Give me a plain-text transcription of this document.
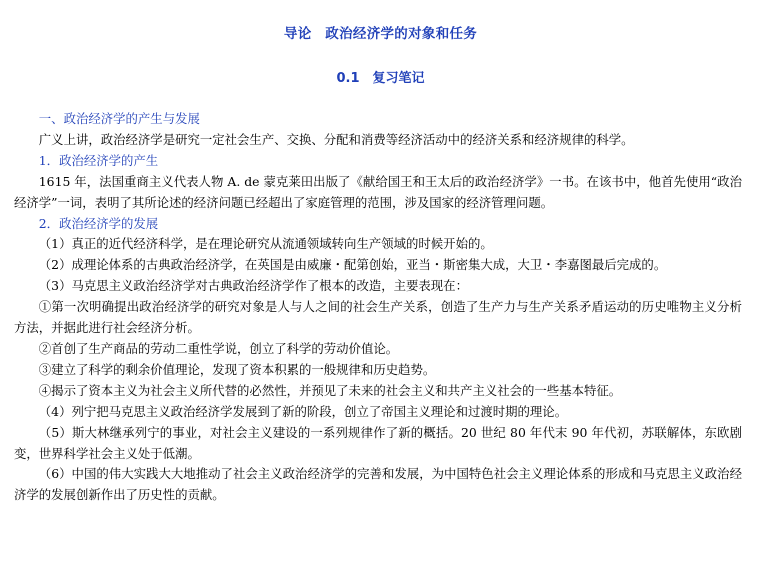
导论　政治经济学的对象和任务
0.1　复习笔记

一、政治经济学的产生与发展

广义上讲，政治经济学是研究一定社会生产、交换、分配和消费等经济活动中的经济关系和经济规律的科学。

1．政治经济学的产生

1615 年，法国重商主义代表人物 A. de 蒙克莱田出版了《献给国王和王太后的政治经济学》一书。在该书中，他首先使用“政治经济学”一词，表明了其所论述的经济问题已经超出了家庭管理的范围，涉及国家的经济管理问题。

2．政治经济学的发展

（1）真正的近代经济科学，是在理论研究从流通领域转向生产领域的时候开始的。

（2）成理论体系的古典政治经济学，在英国是由威廉・配第创始，亚当・斯密集大成，大卫・李嘉图最后完成的。

（3）马克思主义政治经济学对古典政治经济学作了根本的改造，主要表现在：

①第一次明确提出政治经济学的研究对象是人与人之间的社会生产关系，创造了生产力与生产关系矛盾运动的历史唯物主义分析方法，并据此进行社会经济分析。

②首创了生产商品的劳动二重性学说，创立了科学的劳动价值论。

③建立了科学的剩余价值理论，发现了资本积累的一般规律和历史趋势。

④揭示了资本主义为社会主义所代替的必然性，并预见了未来的社会主义和共产主义社会的一些基本特征。

（4）列宁把马克思主义政治经济学发展到了新的阶段，创立了帝国主义理论和过渡时期的理论。

（5）斯大林继承列宁的事业，对社会主义建设的一系列规律作了新的概括。20 世纪 80 年代末 90 年代初，苏联解体，东欧剧变，世界科学社会主义处于低潮。

（6）中国的伟大实践大大地推动了社会主义政治经济学的完善和发展，为中国特色社会主义理论体系的形成和马克思主义政治经济学的发展创新作出了历史性的贡献。
